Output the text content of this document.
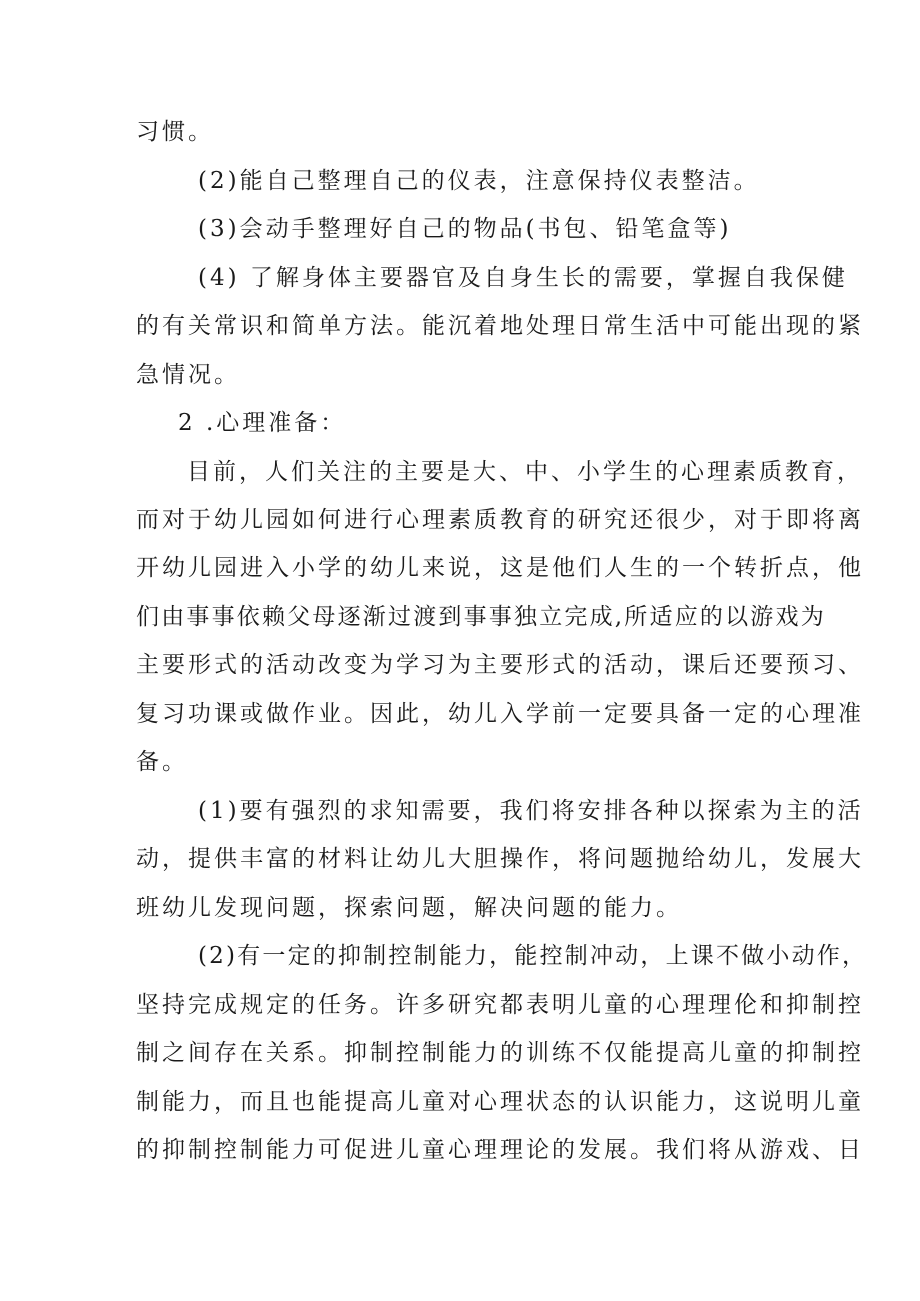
习惯。

(2)能自己整理自己的仪表，注意保持仪表整洁。

(3)会动手整理好自己的物品(书包、铅笔盒等)

(4) 了解身体主要器官及自身生长的需要，掌握自我保健

的有关常识和简单方法。能沉着地处理日常生活中可能出现的紧

急情况。

2 .心理准备：

目前，人们关注的主要是大、中、小学生的心理素质教育，

而对于幼儿园如何进行心理素质教育的研究还很少，对于即将离

开幼儿园进入小学的幼儿来说，这是他们人生的一个转折点，他

们由事事依赖父母逐渐过渡到事事独立完成,所适应的以游戏为

主要形式的活动改变为学习为主要形式的活动，课后还要预习、

复习功课或做作业。因此，幼儿入学前一定要具备一定的心理准

备。

(1)要有强烈的求知需要，我们将安排各种以探索为主的活

动，提供丰富的材料让幼儿大胆操作，将问题抛给幼儿，发展大

班幼儿发现问题，探索问题，解决问题的能力。

(2)有一定的抑制控制能力，能控制冲动，上课不做小动作，

坚持完成规定的任务。许多研究都表明儿童的心理理伦和抑制控

制之间存在关系。抑制控制能力的训练不仅能提高儿童的抑制控

制能力，而且也能提高儿童对心理状态的认识能力，这说明儿童

的抑制控制能力可促进儿童心理理论的发展。我们将从游戏、日
